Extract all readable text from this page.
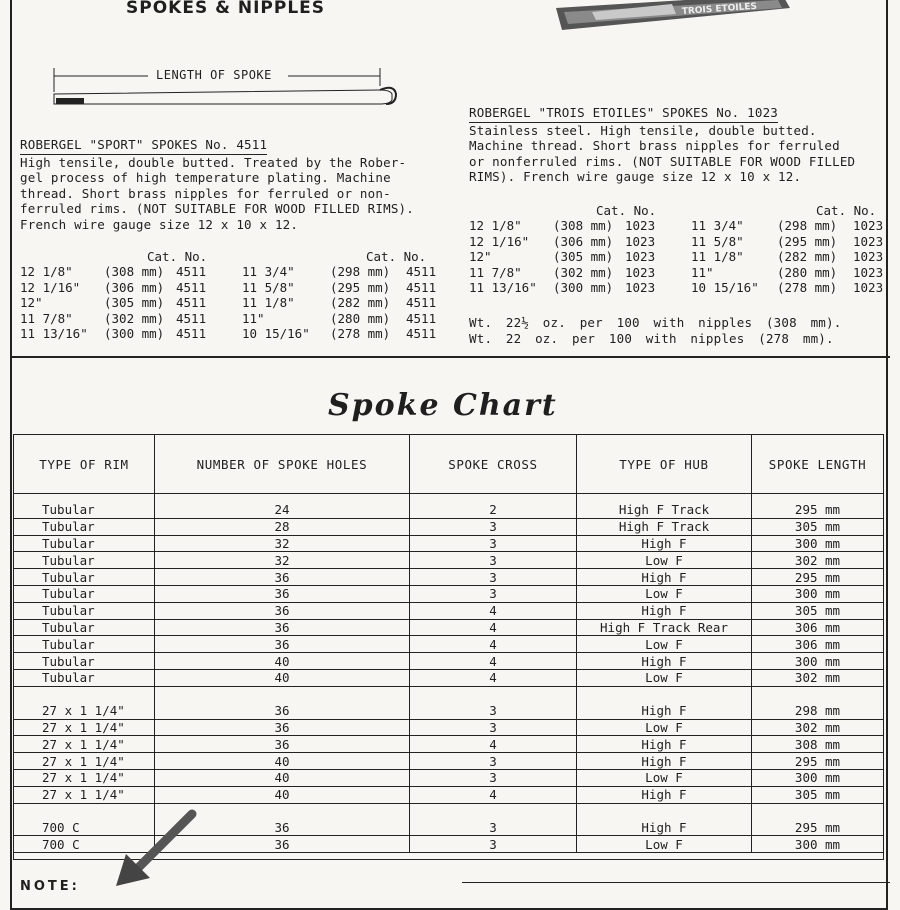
SPOKES & NIPPLES	TROIS ETOILES
LENGTH OF SPOKE
ROBERGEL "SPORT" SPOKES No. 4511
High tensile, double butted. Treated by the Rober-
gel process of high temperature plating. Machine
thread. Short brass nipples for ferruled or non-
ferruled rims. (NOT SUITABLE FOR WOOD FILLED RIMS).
French wire gauge size 12 x 10 x 12.
Cat. No.	Cat. No.
12 1/8"	(308 mm)	4511	11 3/4"	(298 mm)	4511
12 1/16"	(306 mm)	4511	11 5/8"	(295 mm)	4511
12"	(305 mm)	4511	11 1/8"	(282 mm)	4511
11 7/8"	(302 mm)	4511	11"	(280 mm)	4511
11 13/16"	(300 mm)	4511	10 15/16"	(278 mm)	4511
ROBERGEL "TROIS ETOILES" SPOKES No. 1023
Stainless steel. High tensile, double butted.
Machine thread. Short brass nipples for ferruled
or nonferruled rims. (NOT SUITABLE FOR WOOD FILLED
RIMS). French wire gauge size 12 x 10 x 12.
Cat. No.	Cat. No.
12 1/8"	(308 mm)	1023	11 3/4"	(298 mm)	1023
12 1/16"	(306 mm)	1023	11 5/8"	(295 mm)	1023
12"	(305 mm)	1023	11 1/8"	(282 mm)	1023
11 7/8"	(302 mm)	1023	11"	(280 mm)	1023
11 13/16"	(300 mm)	1023	10 15/16"	(278 mm)	1023
Wt. 22½ oz. per 100 with nipples (308 mm).
Wt. 22 oz. per 100 with nipples (278 mm).
Spoke Chart
TYPE OF RIM	NUMBER OF SPOKE HOLES	SPOKE CROSS	TYPE OF HUB	SPOKE LENGTH

Tubular	24	2	High F Track	295 mm
Tubular	28	3	High F Track	305 mm
Tubular	32	3	High F	300 mm
Tubular	32	3	Low F	302 mm
Tubular	36	3	High F	295 mm
Tubular	36	3	Low F	300 mm
Tubular	36	4	High F	305 mm
Tubular	36	4	High F Track Rear	306 mm
Tubular	36	4	Low F	306 mm
Tubular	40	4	High F	300 mm
Tubular	40	4	Low F	302 mm

27 x 1 1/4"	36	3	High F	298 mm
27 x 1 1/4"	36	3	Low F	302 mm
27 x 1 1/4"	36	4	High F	308 mm
27 x 1 1/4"	40	3	High F	295 mm
27 x 1 1/4"	40	3	Low F	300 mm
27 x 1 1/4"	40	4	High F	305 mm

700 C	36	3	High F	295 mm
700 C	36	3	Low F	300 mm

NOTE:
